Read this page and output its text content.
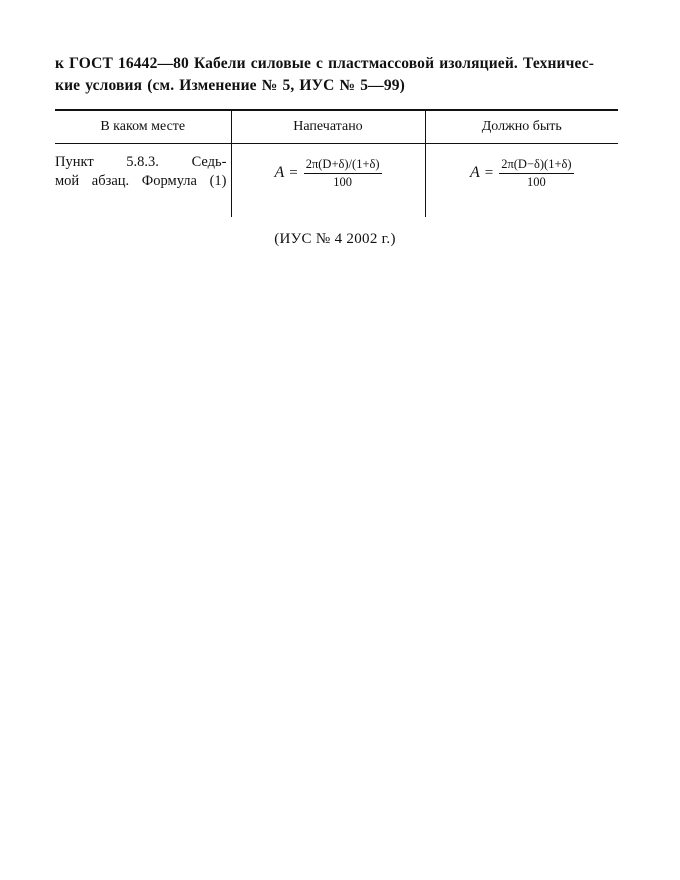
к ГОСТ 16442—80 Кабели силовые с пластмассовой изоляцией. Техничес-
кие условия (см. Изменение № 5, ИУС № 5—99)
В каком месте	Напечатано	Должно быть

Пункт 5.8.3. Седь-
мой абзац. Формула (1)	$A = \frac{2\pi(D+\delta)/(1+\delta)}{100}$	$A = \frac{2\pi(D-\delta)(1+\delta)}{100}$
(ИУС № 4 2002 г.)
